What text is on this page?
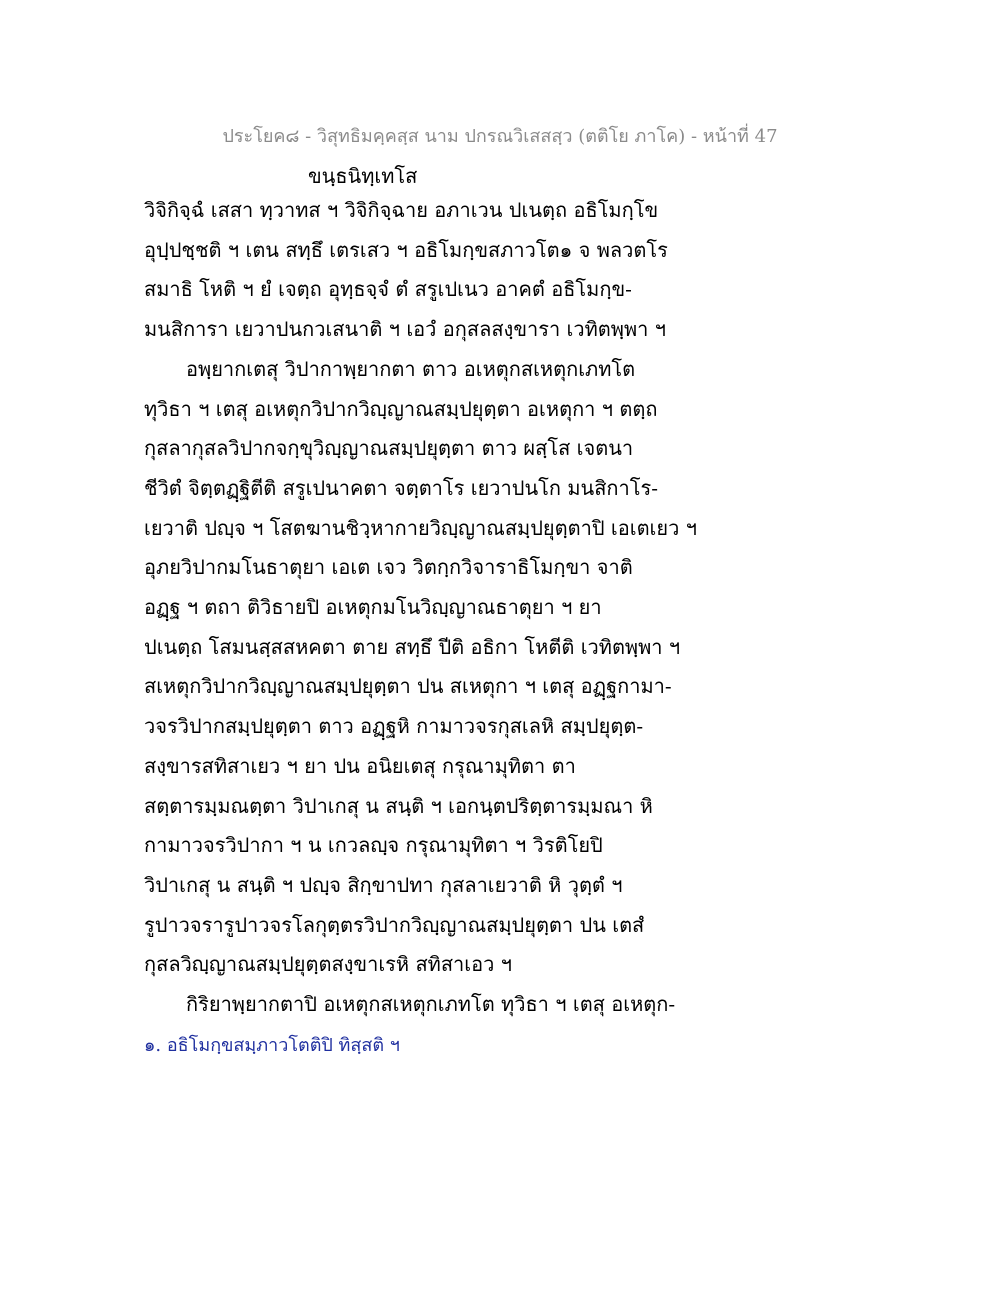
ประโยค๘ - วิสุทธิมคฺคสฺส นาม ปกรณวิเสสสฺว (ตติโย ภาโค) - หน้าที่ 47
ขนฺธนิทฺเทโส
วิจิกิจฺฉํ เสสา ทฺวาทส ฯ วิจิกิจฺฉาย อภาเวน ปเนตฺถ อธิโมกฺโข
อุปฺปชฺชติ ฯ เตน สทฺธึ เตรเสว ฯ อธิโมกฺขสภาวโต๑ จ พลวตโร
สมาธิ โหติ ฯ ยํ เจตฺถ อุทฺธจฺจํ ตํ สรูเปเนว อาคตํ อธิโมกฺข-
มนสิการา เยวาปนกวเสนาติ ฯ เอวํ อกุสลสงฺขารา เวทิตพฺพา ฯ
อพฺยากเตสุ วิปากาพฺยากตา ตาว อเหตุกสเหตุกเภทโต
ทุวิธา ฯ เตสุ อเหตุกวิปากวิญฺญาณสมฺปยุตฺตา อเหตุกา ฯ ตตฺถ
กุสลากุสลวิปากจกฺขุวิญฺญาณสมฺปยุตฺตา ตาว ผสฺโส เจตนา
ชีวิตํ จิตฺตฏฺฐิตีติ สรูเปนาคตา จตฺตาโร เยวาปนโก มนสิกาโร-
เยวาติ ปญฺจ ฯ โสตฆานชิวฺหากายวิญฺญาณสมฺปยุตฺตาปิ เอเตเยว ฯ
อุภยวิปากมโนธาตุยา เอเต เจว วิตกฺกวิจาราธิโมกฺขา จาติ
อฏฺฐ ฯ ตถา ติวิธายปิ อเหตุกมโนวิญฺญาณธาตุยา ฯ ยา
ปเนตฺถ โสมนสฺสสหคตา ตาย สทฺธึ ปีติ อธิกา โหตีติ เวทิตพฺพา ฯ
สเหตุกวิปากวิญฺญาณสมฺปยุตฺตา ปน สเหตุกา ฯ เตสุ อฏฺฐกามา-
วจรวิปากสมฺปยุตฺตา ตาว อฏฺฐหิ กามาวจรกุสเลหิ สมฺปยุตฺต-
สงฺขารสทิสาเยว ฯ ยา ปน อนิยเตสุ กรุณามุทิตา ตา
สตฺตารมฺมณตฺตา วิปาเกสุ น สนฺติ ฯ เอกนฺตปริตฺตารมฺมณา หิ
กามาวจรวิปากา ฯ น เกวลญฺจ กรุณามุทิตา ฯ วิรติโยปิ
วิปาเกสุ น สนฺติ ฯ ปญฺจ สิกฺขาปทา กุสลาเยวาติ หิ วุตฺตํ ฯ
รูปาวจรารูปาวจรโลกุตฺตรวิปากวิญฺญาณสมฺปยุตฺตา ปน เตสํ
กุสลวิญฺญาณสมฺปยุตฺตสงฺขาเรหิ สทิสาเอว ฯ
กิริยาพฺยากตาปิ อเหตุกสเหตุกเภทโต ทุวิธา ฯ เตสุ อเหตุก-
๑. อธิโมกฺขสมฺภาวโตติปิ ทิสฺสติ ฯ
